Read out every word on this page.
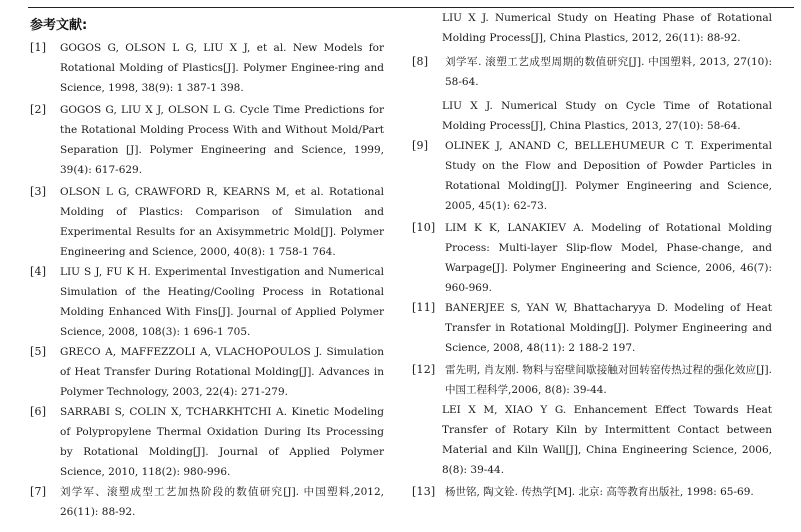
参考文献:
[1] GOGOS G, OLSON L G, LIU X J, et al. New Models for Rotational Molding of Plastics[J]. Polymer Enginee-ring and Science, 1998, 38(9): 1 387-1 398.
[2] GOGOS G, LIU X J, OLSON L G. Cycle Time Predictions for the Rotational Molding Process With and Without Mold/Part Separation [J]. Polymer Engineering and Science, 1999, 39(4): 617-629.
[3] OLSON L G, CRAWFORD R, KEARNS M, et al. Rotational Molding of Plastics: Comparison of Simulation and Experimental Results for an Axisymmetric Mold[J]. Polymer Engineering and Science, 2000, 40(8): 1 758-1 764.
[4] LIU S J, FU K H. Experimental Investigation and Numerical Simulation of the Heating/Cooling Process in Rotational Molding Enhanced With Fins[J]. Journal of Applied Polymer Science, 2008, 108(3): 1 696-1 705.
[5] GRECO A, MAFFEZZOLI A, VLACHOPOULOS J. Simulation of Heat Transfer During Rotational Molding[J]. Advances in Polymer Technology, 2003, 22(4): 271-279.
[6] SARRABI S, COLIN X, TCHARKHTCHI A. Kinetic Modeling of Polypropylene Thermal Oxidation During Its Processing by Rotational Molding[J]. Journal of Applied Polymer Science, 2010, 118(2): 980-996.
[7] 刘学军、滚塑成型工艺加热阶段的数值研究[J]. 中国塑料,2012, 26(11): 88-92.
LIU X J. Numerical Study on Heating Phase of Rotational Molding Process[J], China Plastics, 2012, 26(11): 88-92.
[8] 刘学军. 滚塑工艺成型周期的数值研究[J]. 中国塑料, 2013, 27(10): 58-64.
LIU X J. Numerical Study on Cycle Time of Rotational Molding Process[J], China Plastics, 2013, 27(10): 58-64.
[9] OLINEK J, ANAND C, BELLEHUMEUR C T. Experimental Study on the Flow and Deposition of Powder Particles in Rotational Molding[J]. Polymer Engineering and Science, 2005, 45(1): 62-73.
[10] LIM K K, LANAKIEV A. Modeling of Rotational Molding Process: Multi-layer Slip-flow Model, Phase-change, and Warpage[J]. Polymer Engineering and Science, 2006, 46(7): 960-969.
[11] BANERJEE S, YAN W, Bhattacharyya D. Modeling of Heat Transfer in Rotational Molding[J]. Polymer Engineering and Science, 2008, 48(11): 2 188-2 197.
[12] 雷先明, 肖友刚. 物料与窑壁间歇接触对回转窑传热过程的强化效应[J]. 中国工程科学,2006, 8(8): 39-44.
LEI X M, XIAO Y G. Enhancement Effect Towards Heat Transfer of Rotary Kiln by Intermittent Contact between Material and Kiln Wall[J], China Engineering Science, 2006, 8(8): 39-44.
[13] 杨世铭, 陶文铨. 传热学[M]. 北京: 高等教育出版社, 1998: 65-69.
